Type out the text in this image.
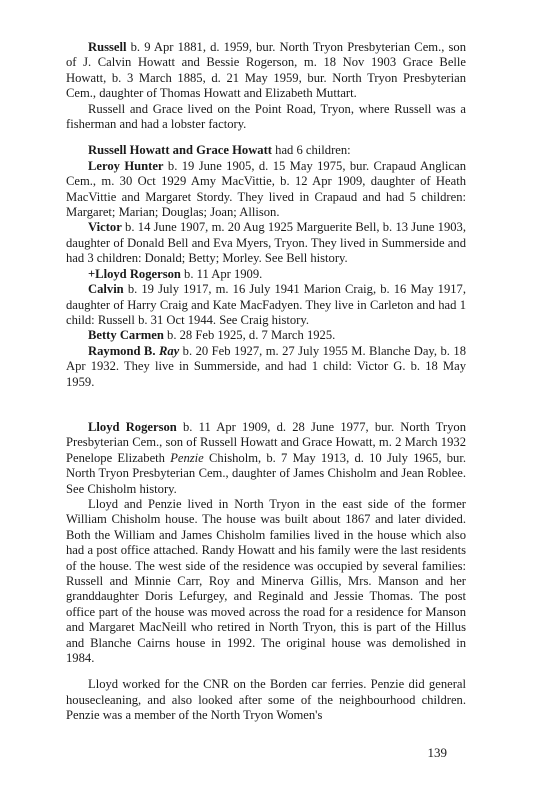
Russell b. 9 Apr 1881, d. 1959, bur. North Tryon Presbyterian Cem., son of J. Calvin Howatt and Bessie Rogerson, m. 18 Nov 1903 Grace Belle Howatt, b. 3 March 1885, d. 21 May 1959, bur. North Tryon Presbyterian Cem., daughter of Thomas Howatt and Elizabeth Muttart.

Russell and Grace lived on the Point Road, Tryon, where Russell was a fisherman and had a lobster factory.

Russell Howatt and Grace Howatt had 6 children:

Leroy Hunter b. 19 June 1905, d. 15 May 1975, bur. Crapaud Anglican Cem., m. 30 Oct 1929 Amy MacVittie, b. 12 Apr 1909, daughter of Heath MacVittie and Margaret Stordy. They lived in Crapaud and had 5 children: Margaret; Marian; Douglas; Joan; Allison.

Victor b. 14 June 1907, m. 20 Aug 1925 Marguerite Bell, b. 13 June 1903, daughter of Donald Bell and Eva Myers, Tryon. They lived in Summerside and had 3 children: Donald; Betty; Morley. See Bell history.

+Lloyd Rogerson b. 11 Apr 1909.

Calvin b. 19 July 1917, m. 16 July 1941 Marion Craig, b. 16 May 1917, daughter of Harry Craig and Kate MacFadyen. They live in Carleton and had 1 child: Russell b. 31 Oct 1944. See Craig history.

Betty Carmen b. 28 Feb 1925, d. 7 March 1925.

Raymond B. Ray b. 20 Feb 1927, m. 27 July 1955 M. Blanche Day, b. 18 Apr 1932. They live in Summerside, and had 1 child: Victor G. b. 18 May 1959.

Lloyd Rogerson b. 11 Apr 1909, d. 28 June 1977, bur. North Tryon Presbyterian Cem., son of Russell Howatt and Grace Howatt, m. 2 March 1932 Penelope Elizabeth Penzie Chisholm, b. 7 May 1913, d. 10 July 1965, bur. North Tryon Presbyterian Cem., daughter of James Chisholm and Jean Roblee. See Chisholm history.

Lloyd and Penzie lived in North Tryon in the east side of the former William Chisholm house. The house was built about 1867 and later divided. Both the William and James Chisholm families lived in the house which also had a post office attached. Randy Howatt and his family were the last residents of the house. The west side of the residence was occupied by several families: Russell and Minnie Carr, Roy and Minerva Gillis, Mrs. Manson and her granddaughter Doris Lefurgey, and Reginald and Jessie Thomas. The post office part of the house was moved across the road for a residence for Manson and Margaret MacNeill who retired in North Tryon, this is part of the Hillus and Blanche Cairns house in 1992. The original house was demolished in 1984.

Lloyd worked for the CNR on the Borden car ferries. Penzie did general housecleaning, and also looked after some of the neighbourhood children. Penzie was a member of the North Tryon Women's

139
